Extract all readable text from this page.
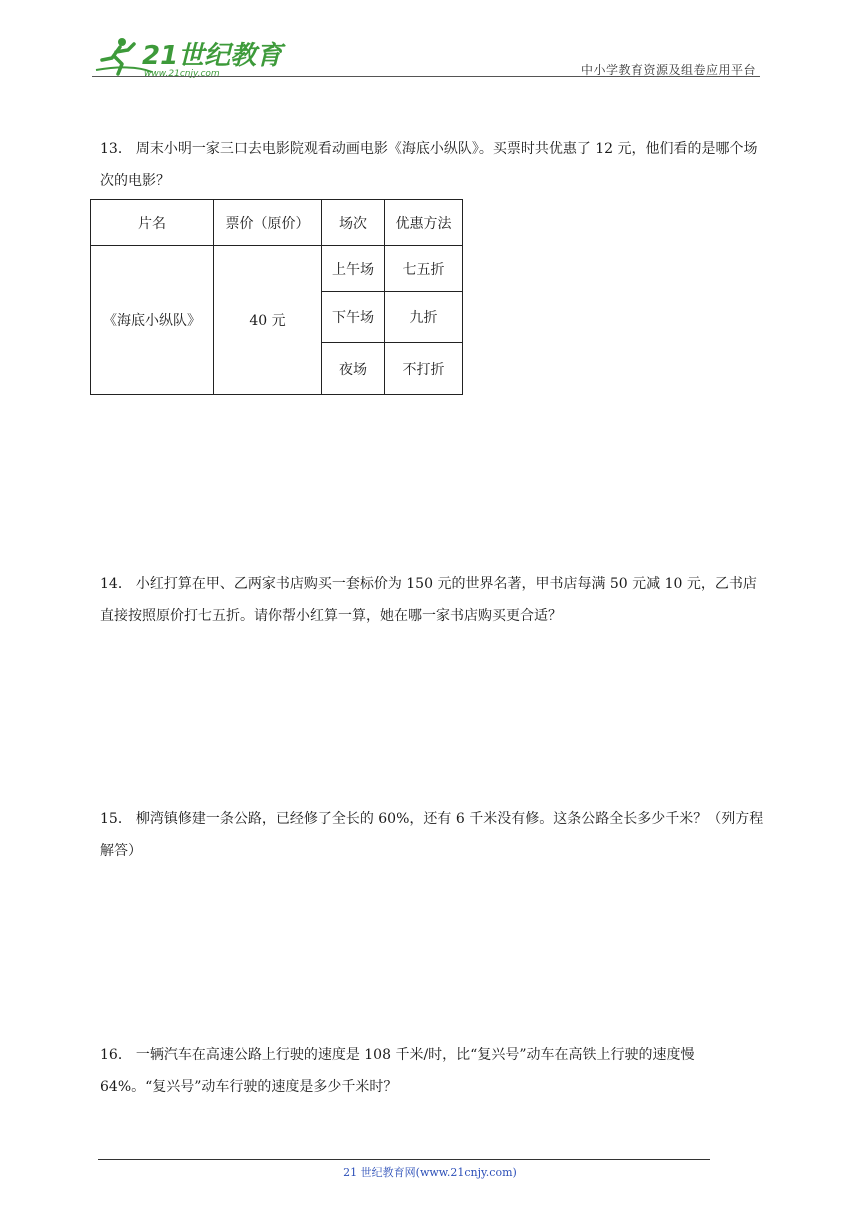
21世纪教育
www.21cnjy.com	中小学教育资源及组卷应用平台

13． 周末小明一家三口去电影院观看动画电影《海底小纵队》。买票时共优惠了 12 元，他们看的是哪个场次的电影？

片名	票价（原价）	场次	优惠方法
《海底小纵队》	40 元	上午场	七五折
		下午场	九折
		夜场	不打折

14． 小红打算在甲、乙两家书店购买一套标价为 150 元的世界名著，甲书店每满 50 元减 10 元，乙书店直接按照原价打七五折。请你帮小红算一算，她在哪一家书店购买更合适？

15． 柳湾镇修建一条公路，已经修了全长的 60%，还有 6 千米没有修。这条公路全长多少千米？（列方程解答）

16． 一辆汽车在高速公路上行驶的速度是 108 千米/时，比“复兴号”动车在高铁上行驶的速度慢 64%。“复兴号”动车行驶的速度是多少千米时？

21 世纪教育网(www.21cnjy.com)
